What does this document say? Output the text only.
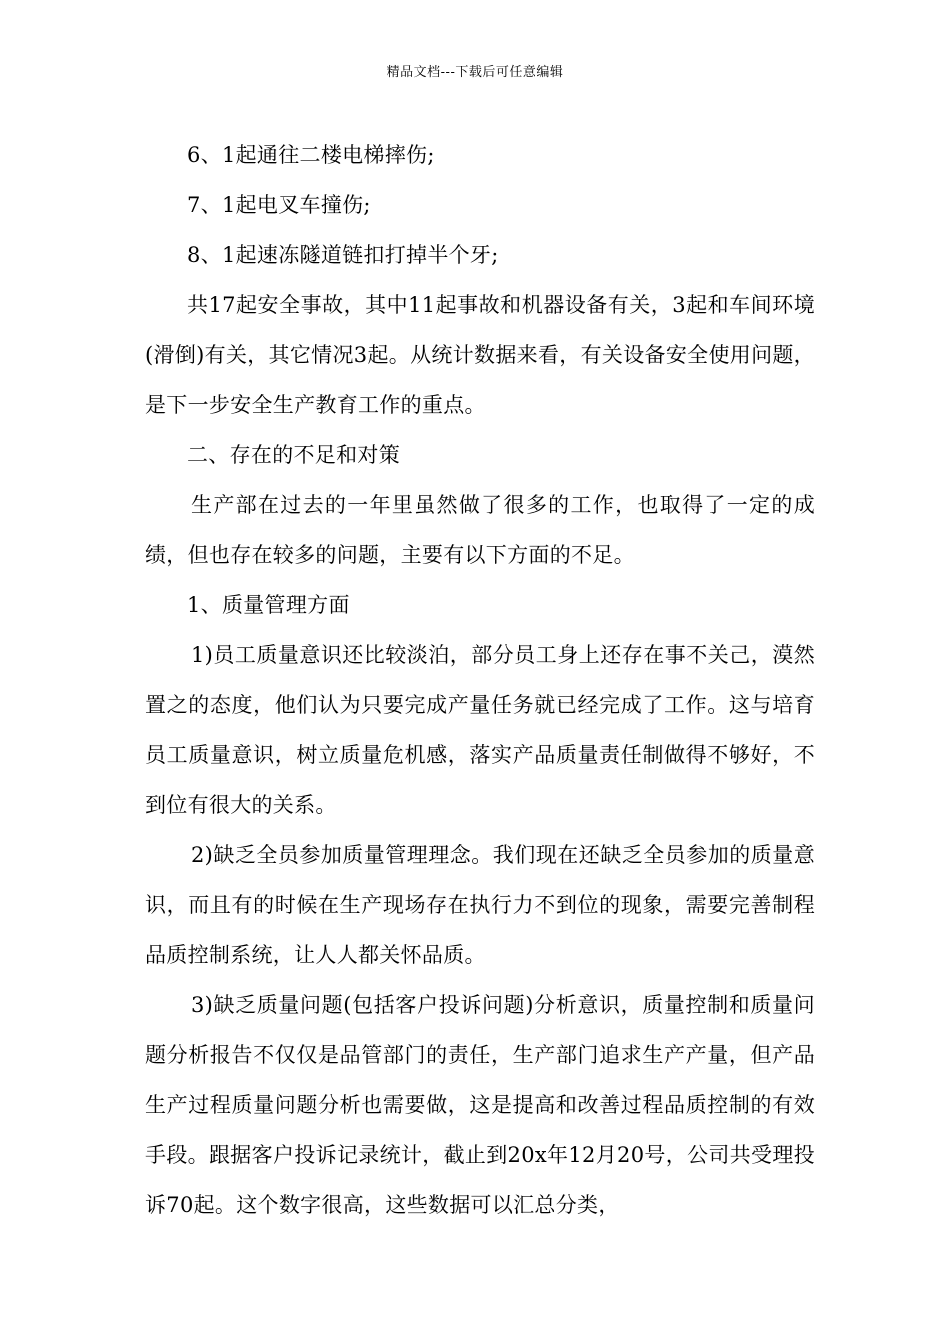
精品文档---下载后可任意编辑

6、1起通往二楼电梯摔伤;

7、1起电叉车撞伤;

8、1起速冻隧道链扣打掉半个牙;

共17起安全事故，其中11起事故和机器设备有关，3起和车间环境(滑倒)有关，其它情况3起。从统计数据来看，有关设备安全使用问题，是下一步安全生产教育工作的重点。

二、存在的不足和对策

生产部在过去的一年里虽然做了很多的工作，也取得了一定的成绩，但也存在较多的问题，主要有以下方面的不足。

1、质量管理方面

1)员工质量意识还比较淡泊，部分员工身上还存在事不关己，漠然置之的态度，他们认为只要完成产量任务就已经完成了工作。这与培育员工质量意识，树立质量危机感，落实产品质量责任制做得不够好，不到位有很大的关系。

2)缺乏全员参加质量管理理念。我们现在还缺乏全员参加的质量意识，而且有的时候在生产现场存在执行力不到位的现象，需要完善制程品质控制系统，让人人都关怀品质。

3)缺乏质量问题(包括客户投诉问题)分析意识，质量控制和质量问题分析报告不仅仅是品管部门的责任，生产部门追求生产产量，但产品生产过程质量问题分析也需要做，这是提高和改善过程品质控制的有效手段。跟据客户投诉记录统计，截止到20x年12月20号，公司共受理投诉70起。这个数字很高，这些数据可以汇总分类，
